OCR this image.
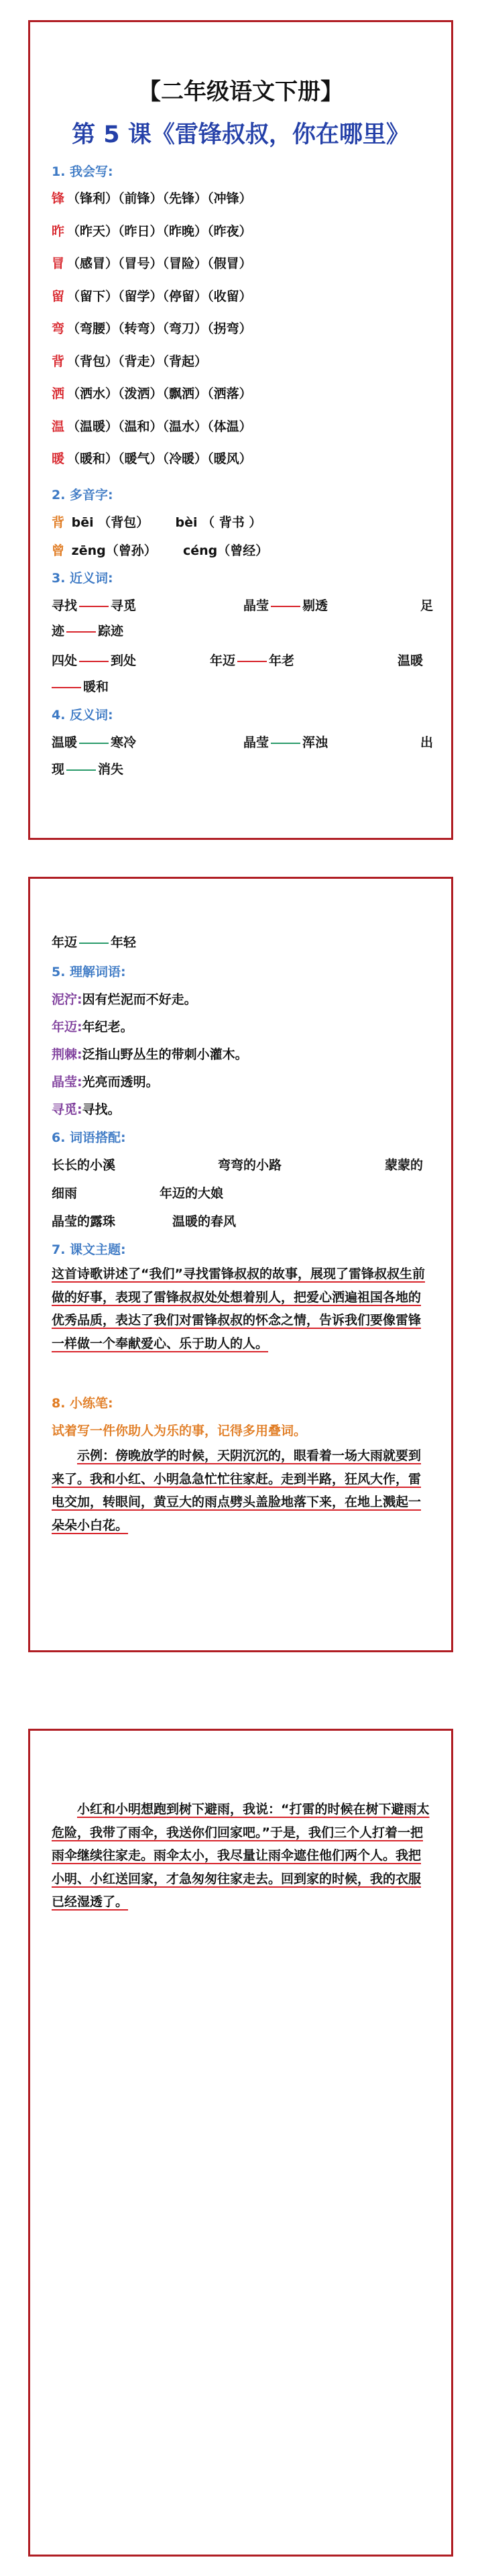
【二年级语文下册】
第 5 课《雷锋叔叔，你在哪里》
1. 我会写:
锋 （锋利）（前锋）（先锋）（冲锋）
昨 （昨天）（昨日）（昨晚）（昨夜）
冒 （感冒）（冒号）（冒险）（假冒）
留 （留下）（留学）（停留）（收留）
弯 （弯腰）（转弯）（弯刀）（拐弯）
背 （背包）（背走）（背起）
洒 （洒水）（泼洒）（飘洒）（洒落）
温 （温暖）（温和）（温水）（体温）
暖 （暖和）（暖气）（冷暖）（暖风）
2. 多音字:
背 bēi （背包） bèi （ 背书 ）
曾 zēng（曾孙） céng（曾经）
3. 近义词:
寻找	寻觅	晶莹	剔透	足
迹	踪迹
四处	到处	年迈	年老	温暖
暖和
4. 反义词:
温暖	寒冷	晶莹	浑浊	出
现	消失
年迈	年轻
5. 理解词语:
泥泞:因有烂泥而不好走。
年迈:年纪老。
荆棘:泛指山野丛生的带刺小灌木。
晶莹:光亮而透明。
寻觅:寻找。
6. 词语搭配:
长长的小溪	弯弯的小路	蒙蒙的
细雨	年迈的大娘
晶莹的露珠	温暖的春风
7. 课文主题:
这首诗歌讲述了“我们”寻找雷锋叔叔的故事，展现了雷锋叔叔生前做的好事，表现了雷锋叔叔处处想着别人，把爱心洒遍祖国各地的优秀品质，表达了我们对雷锋叔叔的怀念之情，告诉我们要像雷锋一样做一个奉献爱心、乐于助人的人。
8. 小练笔:
试着写一件你助人为乐的事，记得多用叠词。
示例：傍晚放学的时候，天阴沉沉的，眼看着一场大雨就要到来了。我和小红、小明急急忙忙往家赶。走到半路，狂风大作，雷电交加，转眼间，黄豆大的雨点劈头盖脸地落下来，在地上溅起一朵朵小白花。
小红和小明想跑到树下避雨，我说：“打雷的时候在树下避雨太危险，我带了雨伞，我送你们回家吧。”于是，我们三个人打着一把雨伞继续往家走。雨伞太小，我尽量让雨伞遮住他们两个人。我把小明、小红送回家，才急匆匆往家走去。回到家的时候，我的衣服已经湿透了。
